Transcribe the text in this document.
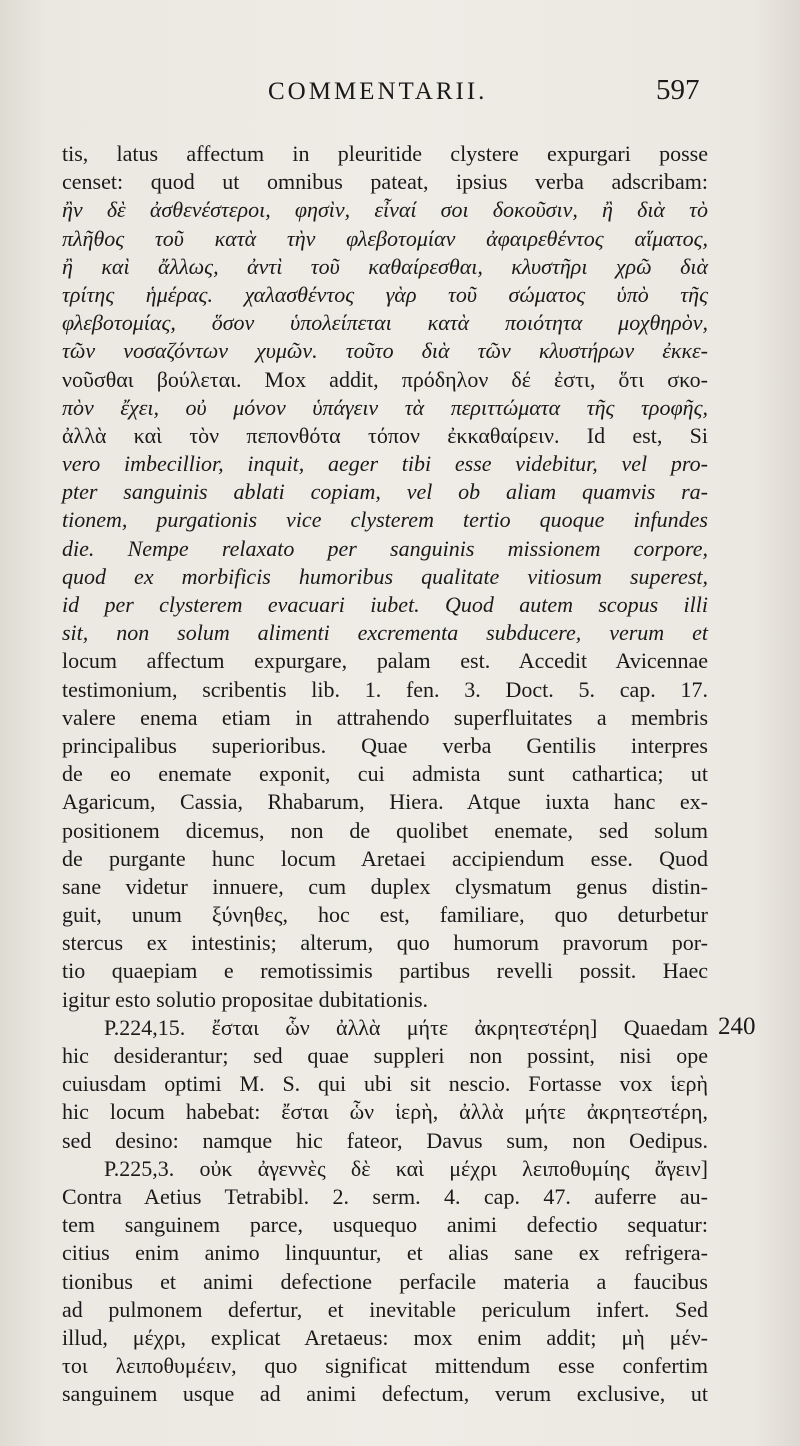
COMMENTARII.	597
tis, latus affectum in pleuritide clystere expurgari posse
censet: quod ut omnibus pateat, ipsius verba adscribam:
ἢν δὲ ἀσθενέστεροι, φησὶν, εἶναί σοι δοκοῦσιν, ἢ διὰ τὸ
πλῆθος τοῦ κατὰ τὴν φλεβοτομίαν ἀφαιρεθέντος αἵματος,
ἢ καὶ ἄλλως, ἀντὶ τοῦ καθαίρεσθαι, κλυστῆρι χρῶ διὰ
τρίτης ἡμέρας. χαλασθέντος γὰρ τοῦ σώματος ὑπὸ τῆς
φλεβοτομίας, ὅσον ὑπολείπεται κατὰ ποιότητα μοχθηρὸν,
τῶν νοσαζόντων χυμῶν. τοῦτο διὰ τῶν κλυστήρων ἐκκε-
νοῦσθαι βούλεται. Mox addit, πρόδηλον δέ ἐστι, ὅτι σκο-
πὸν ἔχει, οὐ μόνον ὑπάγειν τὰ περιττώματα τῆς τροφῆς,
ἀλλὰ καὶ τὸν πεπονθότα τόπον ἐκκαθαίρειν. Id est, Si
vero imbecillior, inquit, aeger tibi esse videbitur, vel pro-
pter sanguinis ablati copiam, vel ob aliam quamvis ra-
tionem, purgationis vice clysterem tertio quoque infundes
die. Nempe relaxato per sanguinis missionem corpore,
quod ex morbificis humoribus qualitate vitiosum superest,
id per clysterem evacuari iubet. Quod autem scopus illi
sit, non solum alimenti excrementa subducere, verum et
locum affectum expurgare, palam est. Accedit Avicennae
testimonium, scribentis lib. 1. fen. 3. Doct. 5. cap. 17.
valere enema etiam in attrahendo superfluitates a membris
principalibus superioribus. Quae verba Gentilis interpres
de eo enemate exponit, cui admista sunt cathartica; ut
Agaricum, Cassia, Rhabarum, Hiera. Atque iuxta hanc ex-
positionem dicemus, non de quolibet enemate, sed solum
de purgante hunc locum Aretaei accipiendum esse. Quod
sane videtur innuere, cum duplex clysmatum genus distin-
guit, unum ξύνηθες, hoc est, familiare, quo deturbetur
stercus ex intestinis; alterum, quo humorum pravorum por-
tio quaepiam e remotissimis partibus revelli possit. Haec
igitur esto solutio propositae dubitationis.
P.224,15. ἔσται ὧν ἀλλὰ μήτε ἀκρητεστέρη] Quaedam
hic desiderantur; sed quae suppleri non possint, nisi ope
cuiusdam optimi M. S. qui ubi sit nescio. Fortasse vox ἱερὴ
hic locum habebat: ἔσται ὧν ἱερὴ, ἀλλὰ μήτε ἀκρητεστέρη,
sed desino: namque hic fateor, Davus sum, non Oedipus.
P.225,3. οὐκ ἀγεννὲς δὲ καὶ μέχρι λειποθυμίης ἄγειν]
Contra Aetius Tetrabibl. 2. serm. 4. cap. 47. auferre au-
tem sanguinem parce, usquequo animi defectio sequatur:
citius enim animo linquuntur, et alias sane ex refrigera-
tionibus et animi defectione perfacile materia a faucibus
ad pulmonem defertur, et inevitable periculum infert. Sed
illud, μέχρι, explicat Aretaeus: mox enim addit; μὴ μέν-
τοι λειποθυμέειν, quo significat mittendum esse confertim
sanguinem usque ad animi defectum, verum exclusive, ut
240
